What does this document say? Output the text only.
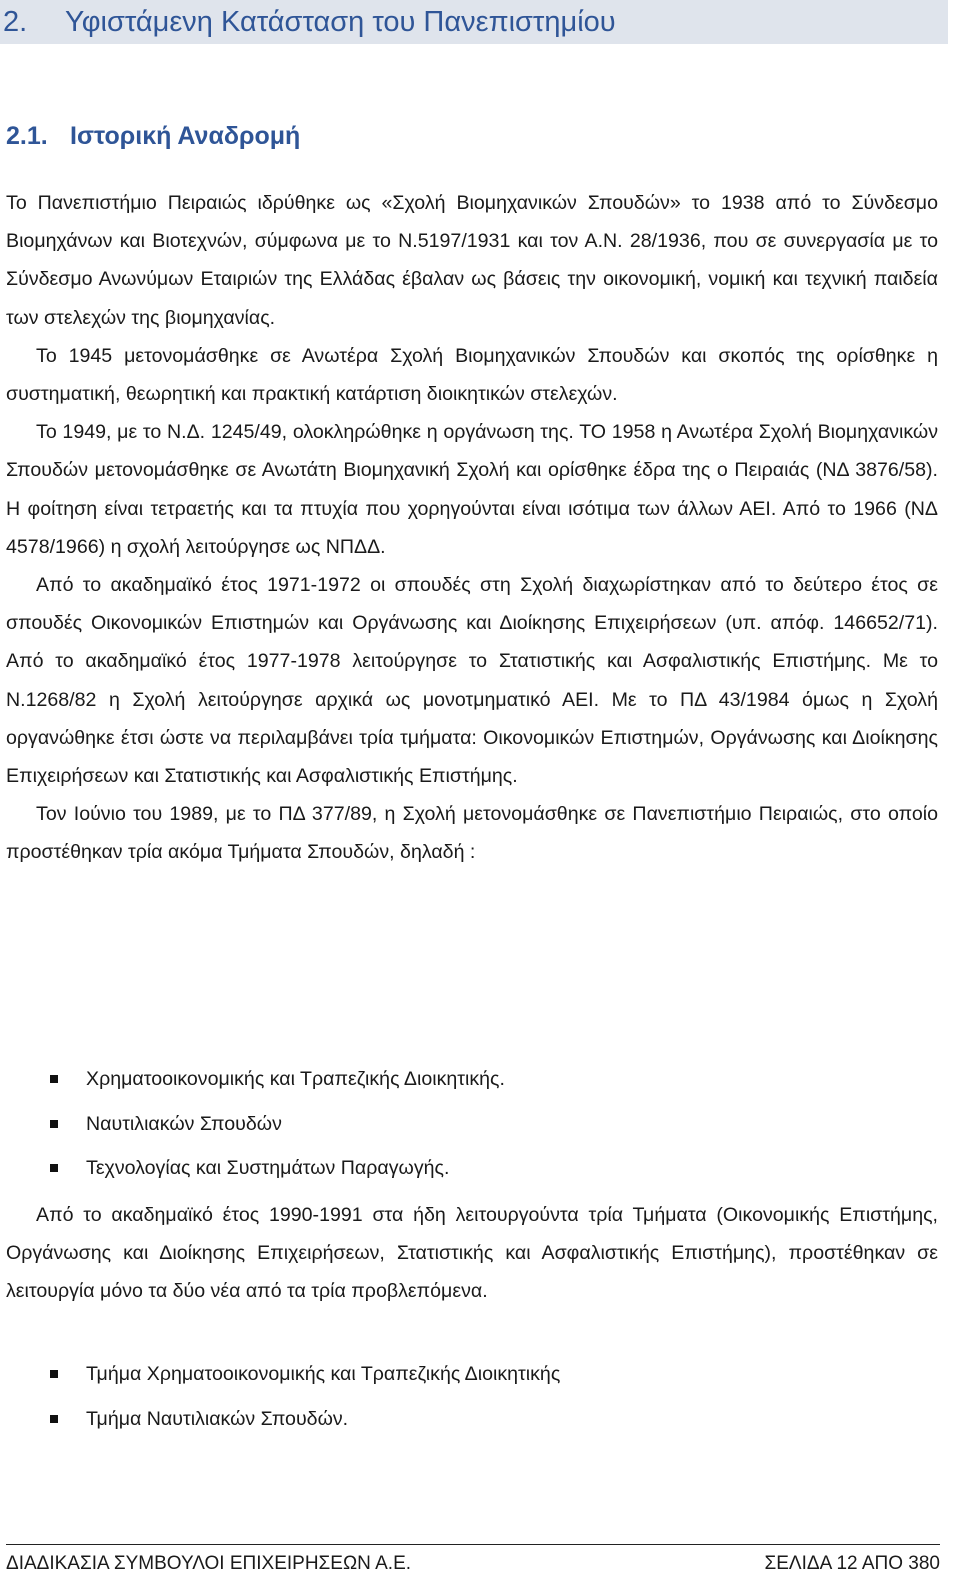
2. Υφιστάμενη Κατάσταση του Πανεπιστημίου
2.1. Ιστορική Αναδρομή

Το Πανεπιστήμιο Πειραιώς ιδρύθηκε ως «Σχολή Βιομηχανικών Σπουδών» το 1938 από το Σύνδεσμο Βιομηχάνων και Βιοτεχνών, σύμφωνα με το Ν.5197/1931 και τον Α.Ν. 28/1936, που σε συνεργασία με το Σύνδεσμο Ανωνύμων Εταιριών της Ελλάδας έβαλαν ως βάσεις την οικονομική, νομική και τεχνική παιδεία των στελεχών της βιομηχανίας.

Το 1945 μετονομάσθηκε σε Ανωτέρα Σχολή Βιομηχανικών Σπουδών και σκοπός της ορίσθηκε η συστηματική, θεωρητική και πρακτική κατάρτιση διοικητικών στελεχών.

Το 1949, με το Ν.Δ. 1245/49, ολοκληρώθηκε η οργάνωση της. ΤΟ 1958 η Ανωτέρα Σχολή Βιομηχανικών Σπουδών μετονομάσθηκε σε Ανωτάτη Βιομηχανική Σχολή και ορίσθηκε έδρα της ο Πειραιάς (ΝΔ 3876/58). Η φοίτηση είναι τετραετής και τα πτυχία που χορηγούνται είναι ισότιμα των άλλων ΑΕΙ. Από το 1966 (ΝΔ 4578/1966) η σχολή λειτούργησε ως ΝΠΔΔ.

Από το ακαδημαϊκό έτος 1971-1972 οι σπουδές στη Σχολή διαχωρίστηκαν από το δεύτερο έτος σε σπουδές Οικονομικών Επιστημών και Οργάνωσης και Διοίκησης Επιχειρήσεων (υπ. απόφ. 146652/71). Από το ακαδημαϊκό έτος 1977-1978 λειτούργησε το Στατιστικής και Ασφαλιστικής Επιστήμης. Με το Ν.1268/82 η Σχολή λειτούργησε αρχικά ως μονοτμηματικό ΑΕΙ. Με το ΠΔ 43/1984 όμως η Σχολή οργανώθηκε έτσι ώστε να περιλαμβάνει τρία τμήματα: Οικονομικών Επιστημών, Οργάνωσης και Διοίκησης Επιχειρήσεων και Στατιστικής και Ασφαλιστικής Επιστήμης.

Τον Ιούνιο του 1989, με το ΠΔ 377/89, η Σχολή μετονομάσθηκε σε Πανεπιστήμιο Πειραιώς, στο οποίο προστέθηκαν τρία ακόμα Τμήματα Σπουδών, δηλαδή :

Χρηματοοικονομικής και Τραπεζικής Διοικητικής.
Ναυτιλιακών Σπουδών
Τεχνολογίας και Συστημάτων Παραγωγής.

Από το ακαδημαϊκό έτος 1990-1991 στα ήδη λειτουργούντα τρία Τμήματα (Οικονομικής Επιστήμης, Οργάνωσης και Διοίκησης Επιχειρήσεων, Στατιστικής και Ασφαλιστικής Επιστήμης), προστέθηκαν σε λειτουργία μόνο τα δύο νέα από τα τρία προβλεπόμενα.

Τμήμα Χρηματοοικονομικής και Τραπεζικής Διοικητικής
Τμήμα Ναυτιλιακών Σπουδών.
ΔΙΑΔΙΚΑΣΙΑ ΣΥΜΒΟΥΛΟΙ ΕΠΙΧΕΙΡΗΣΕΩΝ Α.Ε.	ΣΕΛΙΔΑ 12 ΑΠΟ 380
